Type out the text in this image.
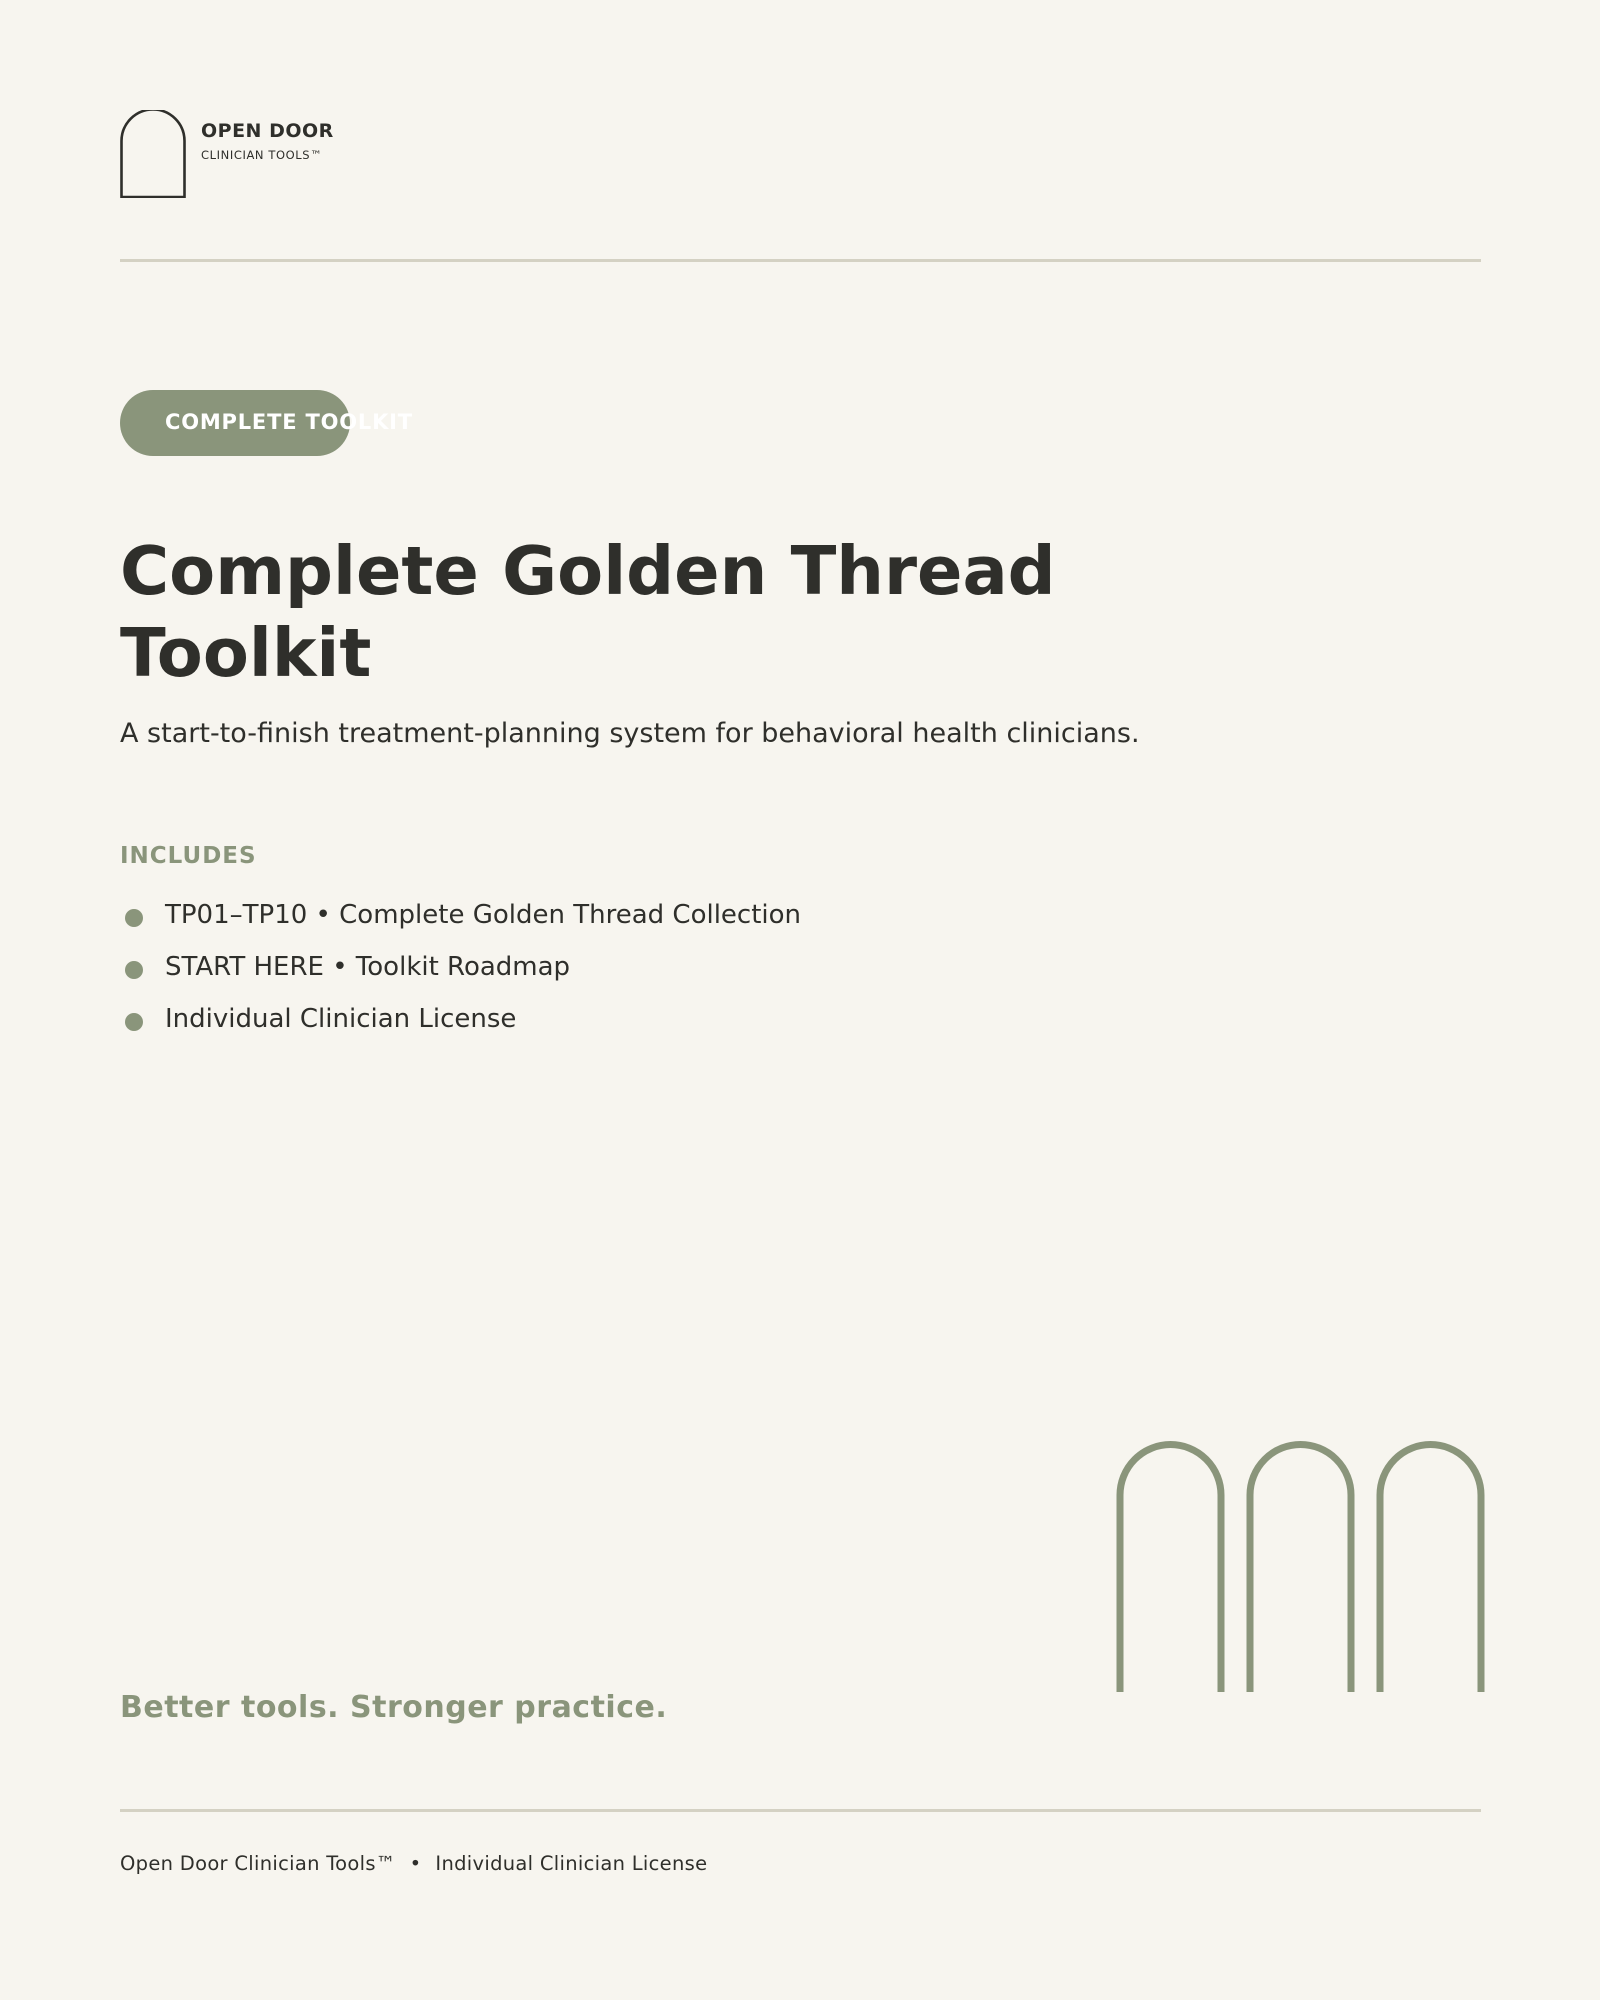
OPEN DOOR
CLINICIAN TOOLS™
COMPLETE TOOLKIT
Complete Golden Thread Toolkit
A start-to-finish treatment-planning system for behavioral health clinicians.
INCLUDES
TP01–TP10 • Complete Golden Thread Collection
START HERE • Toolkit Roadmap
Individual Clinician License
Better tools. Stronger practice.
Open Door Clinician Tools™ • Individual Clinician License
